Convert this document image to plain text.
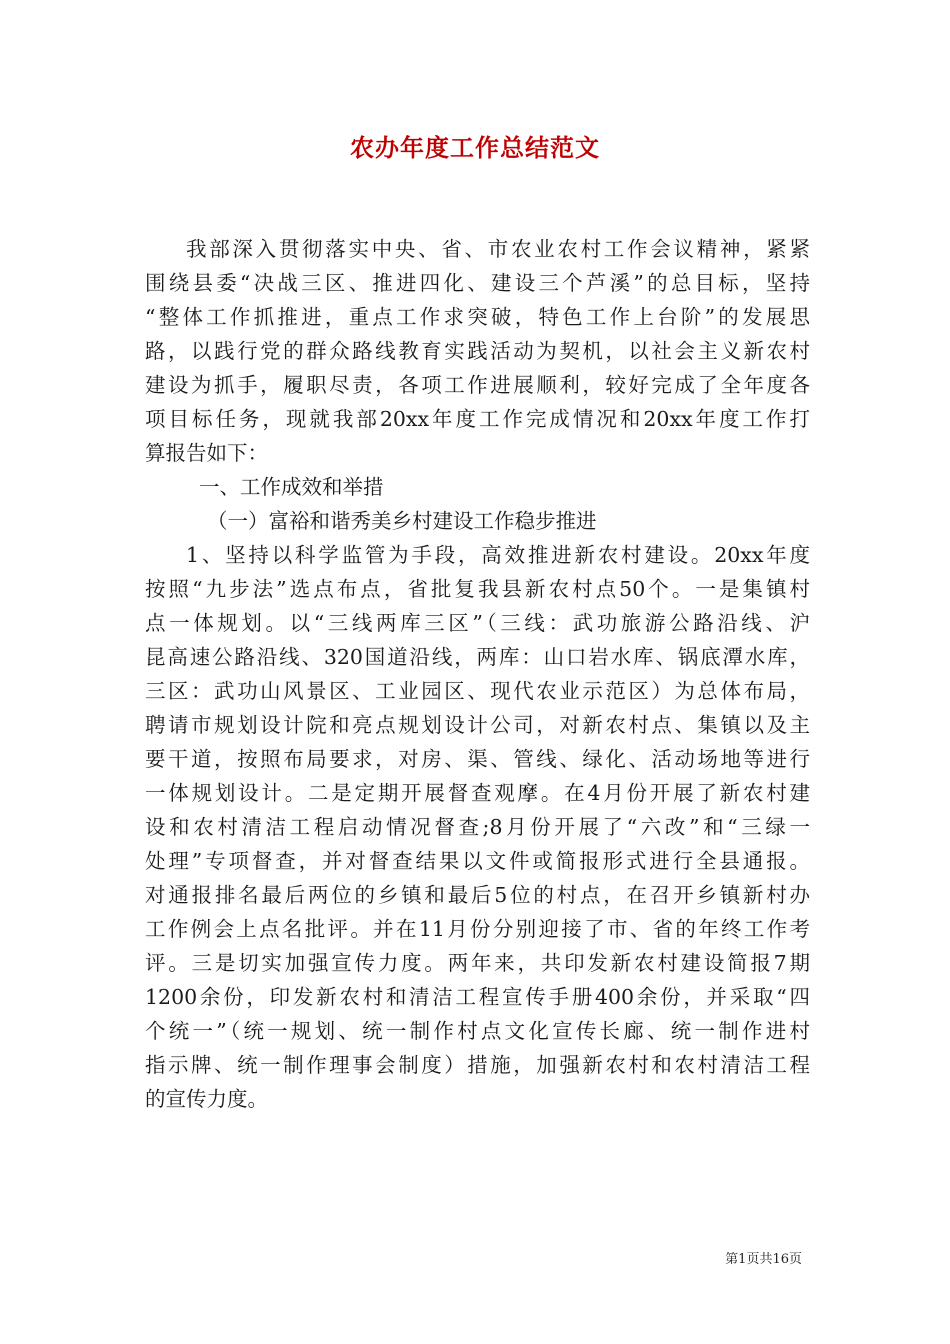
农办年度工作总结范文
我部深入贯彻落实中央、省、市农业农村工作会议精神，紧紧
围绕县委“决战三区、推进四化、建设三个芦溪”的总目标，坚持
“整体工作抓推进，重点工作求突破，特色工作上台阶”的发展思
路，以践行党的群众路线教育实践活动为契机，以社会主义新农村
建设为抓手，履职尽责，各项工作进展顺利，较好完成了全年度各
项目标任务，现就我部20xx年度工作完成情况和20xx年度工作打
算报告如下：
一、工作成效和举措
（一）富裕和谐秀美乡村建设工作稳步推进
1、坚持以科学监管为手段，高效推进新农村建设。20xx年度
按照“九步法”选点布点，省批复我县新农村点50个。一是集镇村
点一体规划。以“三线两库三区”（三线：武功旅游公路沿线、沪
昆高速公路沿线、320国道沿线，两库：山口岩水库、锅底潭水库，
三区：武功山风景区、工业园区、现代农业示范区）为总体布局，
聘请市规划设计院和亮点规划设计公司，对新农村点、集镇以及主
要干道，按照布局要求，对房、渠、管线、绿化、活动场地等进行
一体规划设计。二是定期开展督查观摩。在4月份开展了新农村建
设和农村清洁工程启动情况督查;8月份开展了“六改”和“三绿一
处理”专项督查，并对督查结果以文件或简报形式进行全县通报。
对通报排名最后两位的乡镇和最后5位的村点，在召开乡镇新村办
工作例会上点名批评。并在11月份分别迎接了市、省的年终工作考
评。三是切实加强宣传力度。两年来，共印发新农村建设简报7期
1200余份，印发新农村和清洁工程宣传手册400余份，并采取“四
个统一”（统一规划、统一制作村点文化宣传长廊、统一制作进村
指示牌、统一制作理事会制度）措施，加强新农村和农村清洁工程
的宣传力度。
第1页共16页
